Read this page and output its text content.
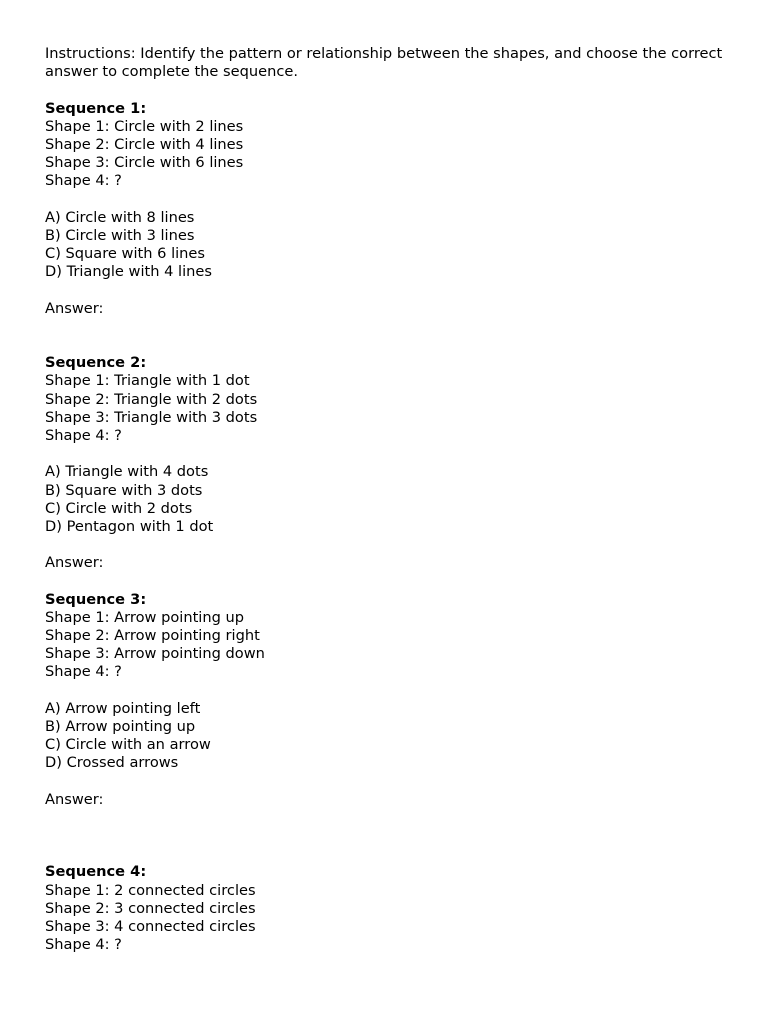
Instructions: Identify the pattern or relationship between the shapes, and choose the correct answer to complete the sequence.
Sequence 1:
Shape 1: Circle with 2 lines
Shape 2: Circle with 4 lines
Shape 3: Circle with 6 lines
Shape 4: ?
A) Circle with 8 lines
B) Circle with 3 lines
C) Square with 6 lines
D) Triangle with 4 lines
Answer:
Sequence 2:
Shape 1: Triangle with 1 dot
Shape 2: Triangle with 2 dots
Shape 3: Triangle with 3 dots
Shape 4: ?
A) Triangle with 4 dots
B) Square with 3 dots
C) Circle with 2 dots
D) Pentagon with 1 dot
Answer:
Sequence 3:
Shape 1: Arrow pointing up
Shape 2: Arrow pointing right
Shape 3: Arrow pointing down
Shape 4: ?
A) Arrow pointing left
B) Arrow pointing up
C) Circle with an arrow
D) Crossed arrows
Answer:
Sequence 4:
Shape 1: 2 connected circles
Shape 2: 3 connected circles
Shape 3: 4 connected circles
Shape 4: ?
